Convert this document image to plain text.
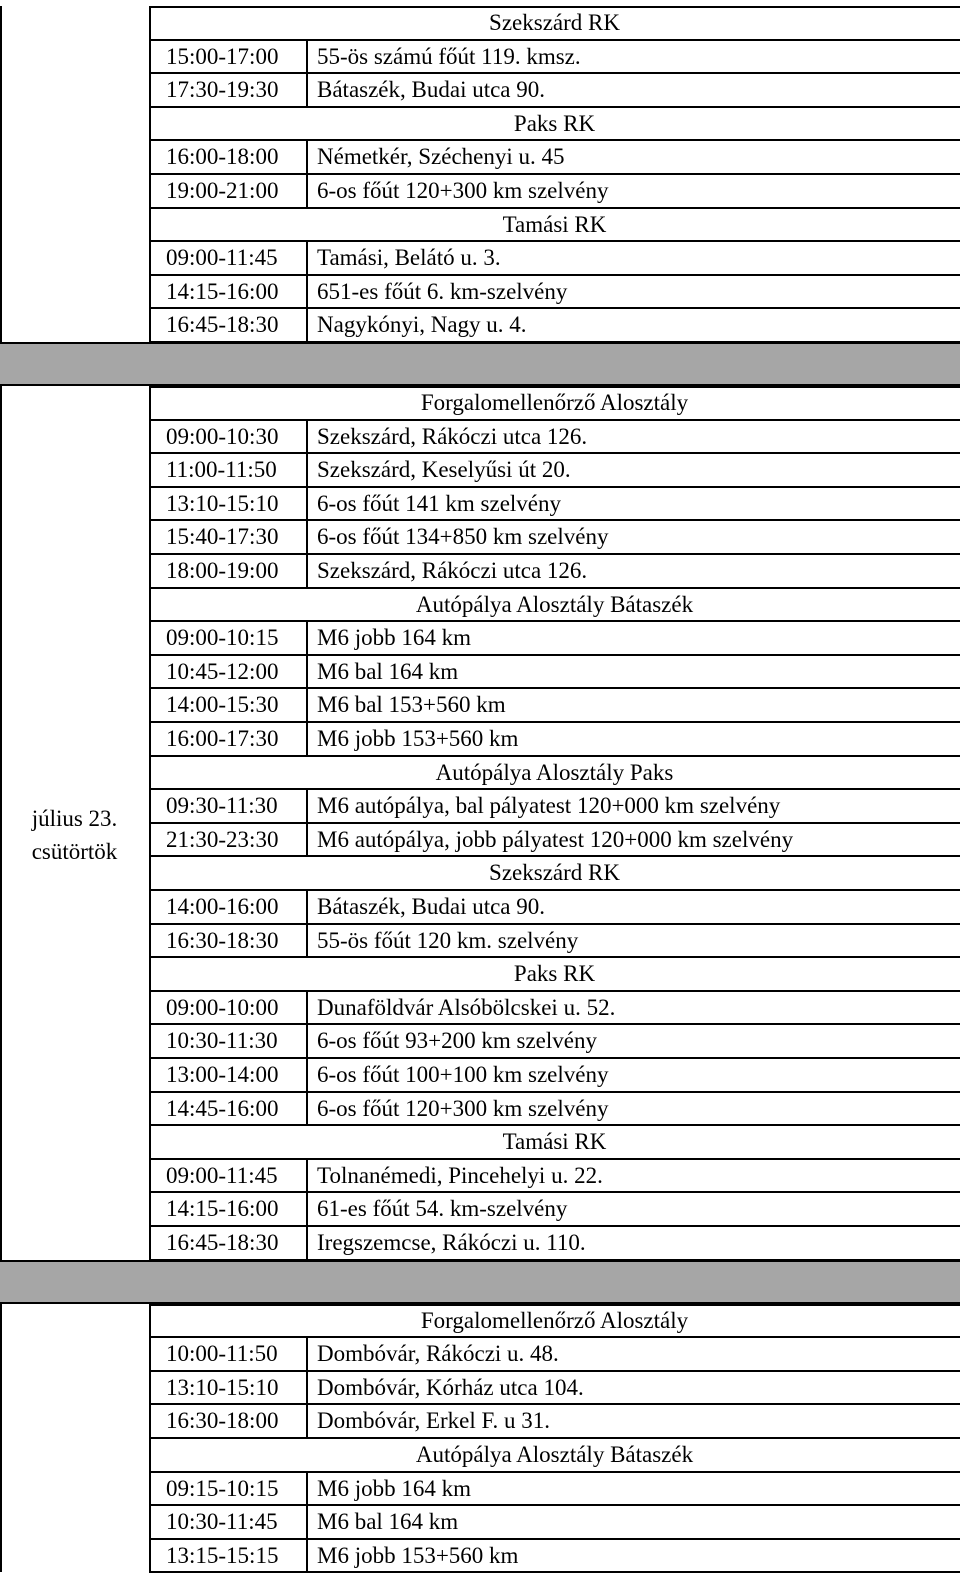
Szekszárd RK
15:00-17:00 55-ös számú főút 119. kmsz.
17:30-19:30 Bátaszék, Budai utca 90.
Paks RK
16:00-18:00 Németkér, Széchenyi u. 45
19:00-21:00 6-os főút 120+300 km szelvény
Tamási RK
09:00-11:45 Tamási, Belátó u. 3.
14:15-16:00 651-es főút 6. km-szelvény
16:45-18:30 Nagykónyi, Nagy u. 4.
Forgalomellenőrző Alosztály
09:00-10:30 Szekszárd, Rákóczi utca 126.
11:00-11:50 Szekszárd, Keselyűsi út 20.
13:10-15:10 6-os főút 141 km szelvény
15:40-17:30 6-os főút 134+850 km szelvény
18:00-19:00 Szekszárd, Rákóczi utca 126.
Autópálya Alosztály Bátaszék
09:00-10:15 M6 jobb 164 km
10:45-12:00 M6 bal 164 km
14:00-15:30 M6 bal 153+560 km
16:00-17:30 M6 jobb 153+560 km
Autópálya Alosztály Paks
09:30-11:30 M6 autópálya, bal pályatest 120+000 km szelvény
21:30-23:30 M6 autópálya, jobb pályatest 120+000 km szelvény
Szekszárd RK
14:00-16:00 Bátaszék, Budai utca 90.
16:30-18:30 55-ös főút 120 km. szelvény
Paks RK
09:00-10:00 Dunaföldvár Alsóbölcskei u. 52.
10:30-11:30 6-os főút 93+200 km szelvény
13:00-14:00 6-os főút 100+100 km szelvény
14:45-16:00 6-os főút 120+300 km szelvény
Tamási RK
09:00-11:45 Tolnanémedi, Pincehelyi u. 22.
14:15-16:00 61-es főút 54. km-szelvény
16:45-18:30 Iregszemcse, Rákóczi u. 110.
július 23.
csütörtök
Forgalomellenőrző Alosztály
10:00-11:50 Dombóvár, Rákóczi u. 48.
13:10-15:10 Dombóvár, Kórház utca 104.
16:30-18:00 Dombóvár, Erkel F. u 31.
Autópálya Alosztály Bátaszék
09:15-10:15 M6 jobb 164 km
10:30-11:45 M6 bal 164 km
13:15-15:15 M6 jobb 153+560 km
